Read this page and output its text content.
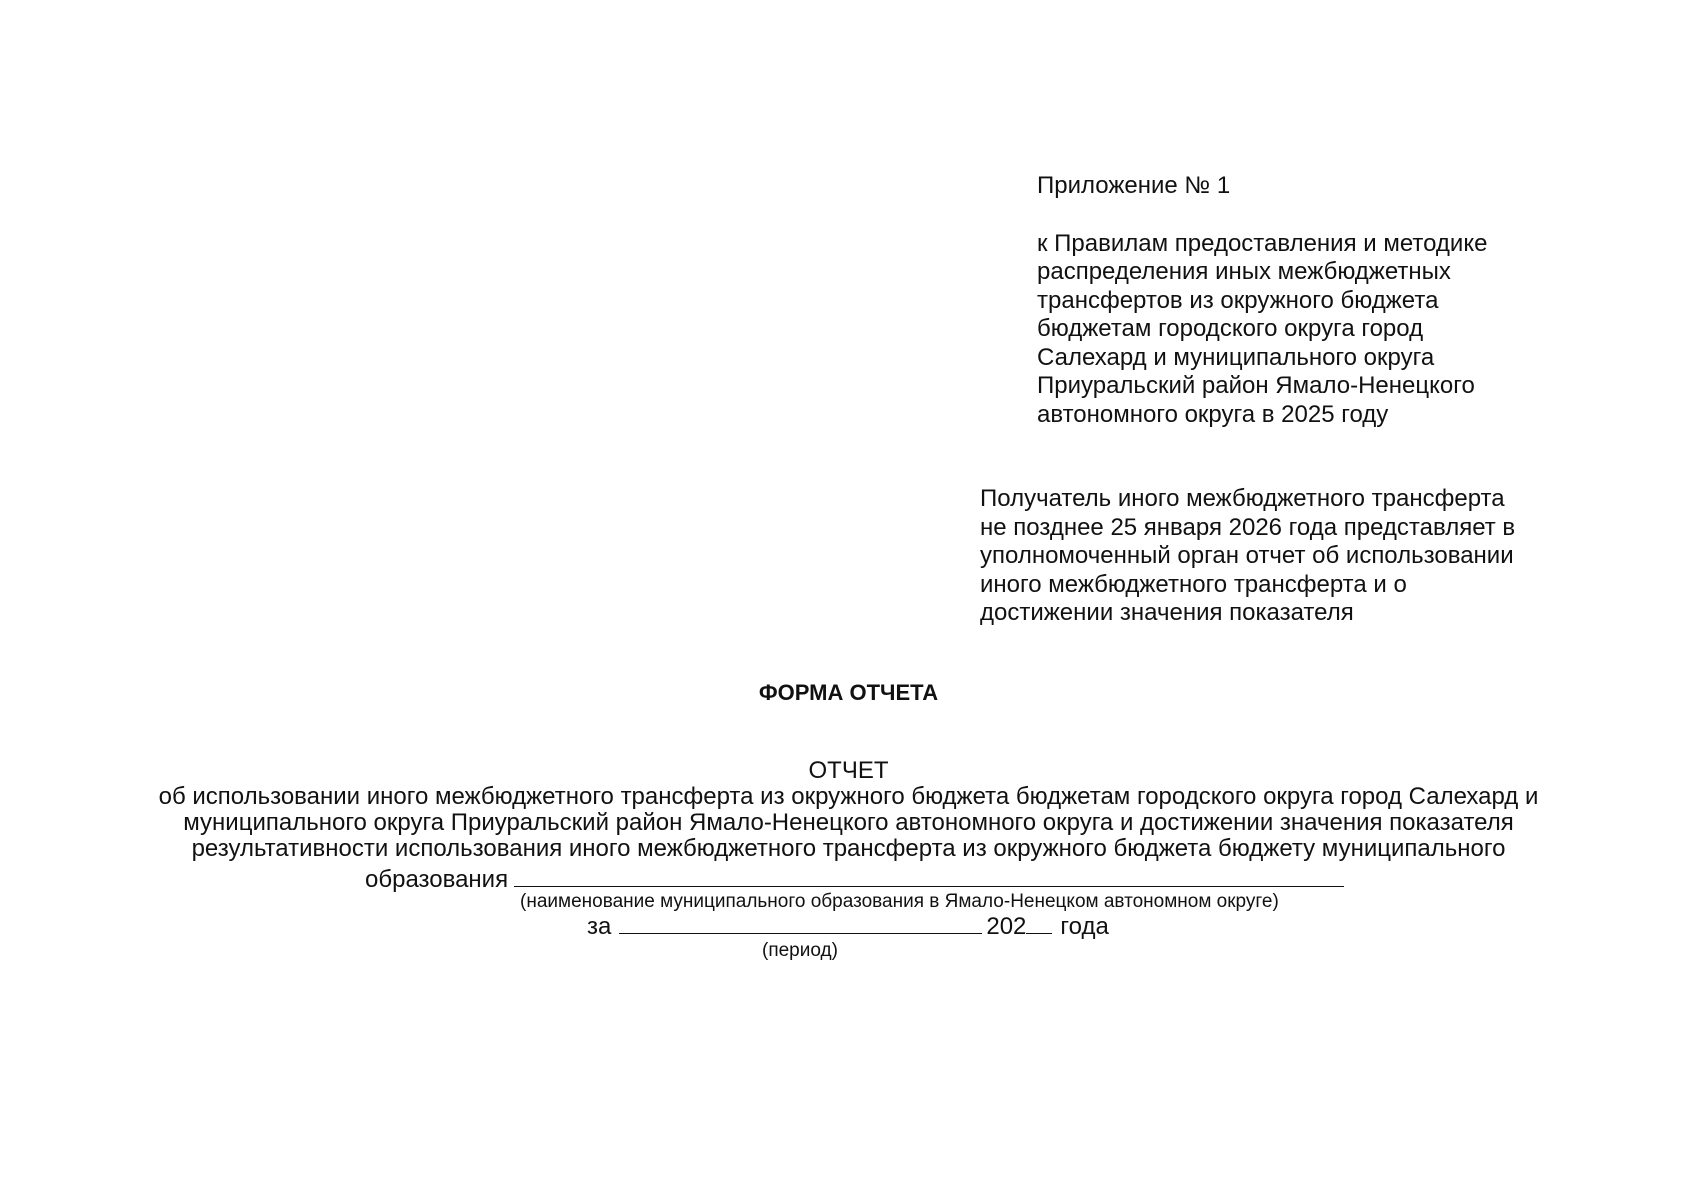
Приложение № 1
к Правилам предоставления и методике
распределения иных межбюджетных
трансфертов из окружного бюджета
бюджетам городского округа город
Салехард и муниципального округа
Приуральский район Ямало-Ненецкого
автономного округа в 2025 году
Получатель иного межбюджетного трансферта
не позднее 25 января 2026 года представляет в
уполномоченный орган отчет об использовании
иного межбюджетного трансферта и о
достижении значения показателя
ФОРМА ОТЧЕТА
ОТЧЕТ
об использовании иного межбюджетного трансферта из окружного бюджета бюджетам городского округа город Салехард и
муниципального округа Приуральский район Ямало-Ненецкого автономного округа и достижении значения показателя
результативности использования иного межбюджетного трансферта из окружного бюджета бюджету муниципального
образования
(наименование муниципального образования в Ямало-Ненецком автономном округе)
за	202 года
(период)
